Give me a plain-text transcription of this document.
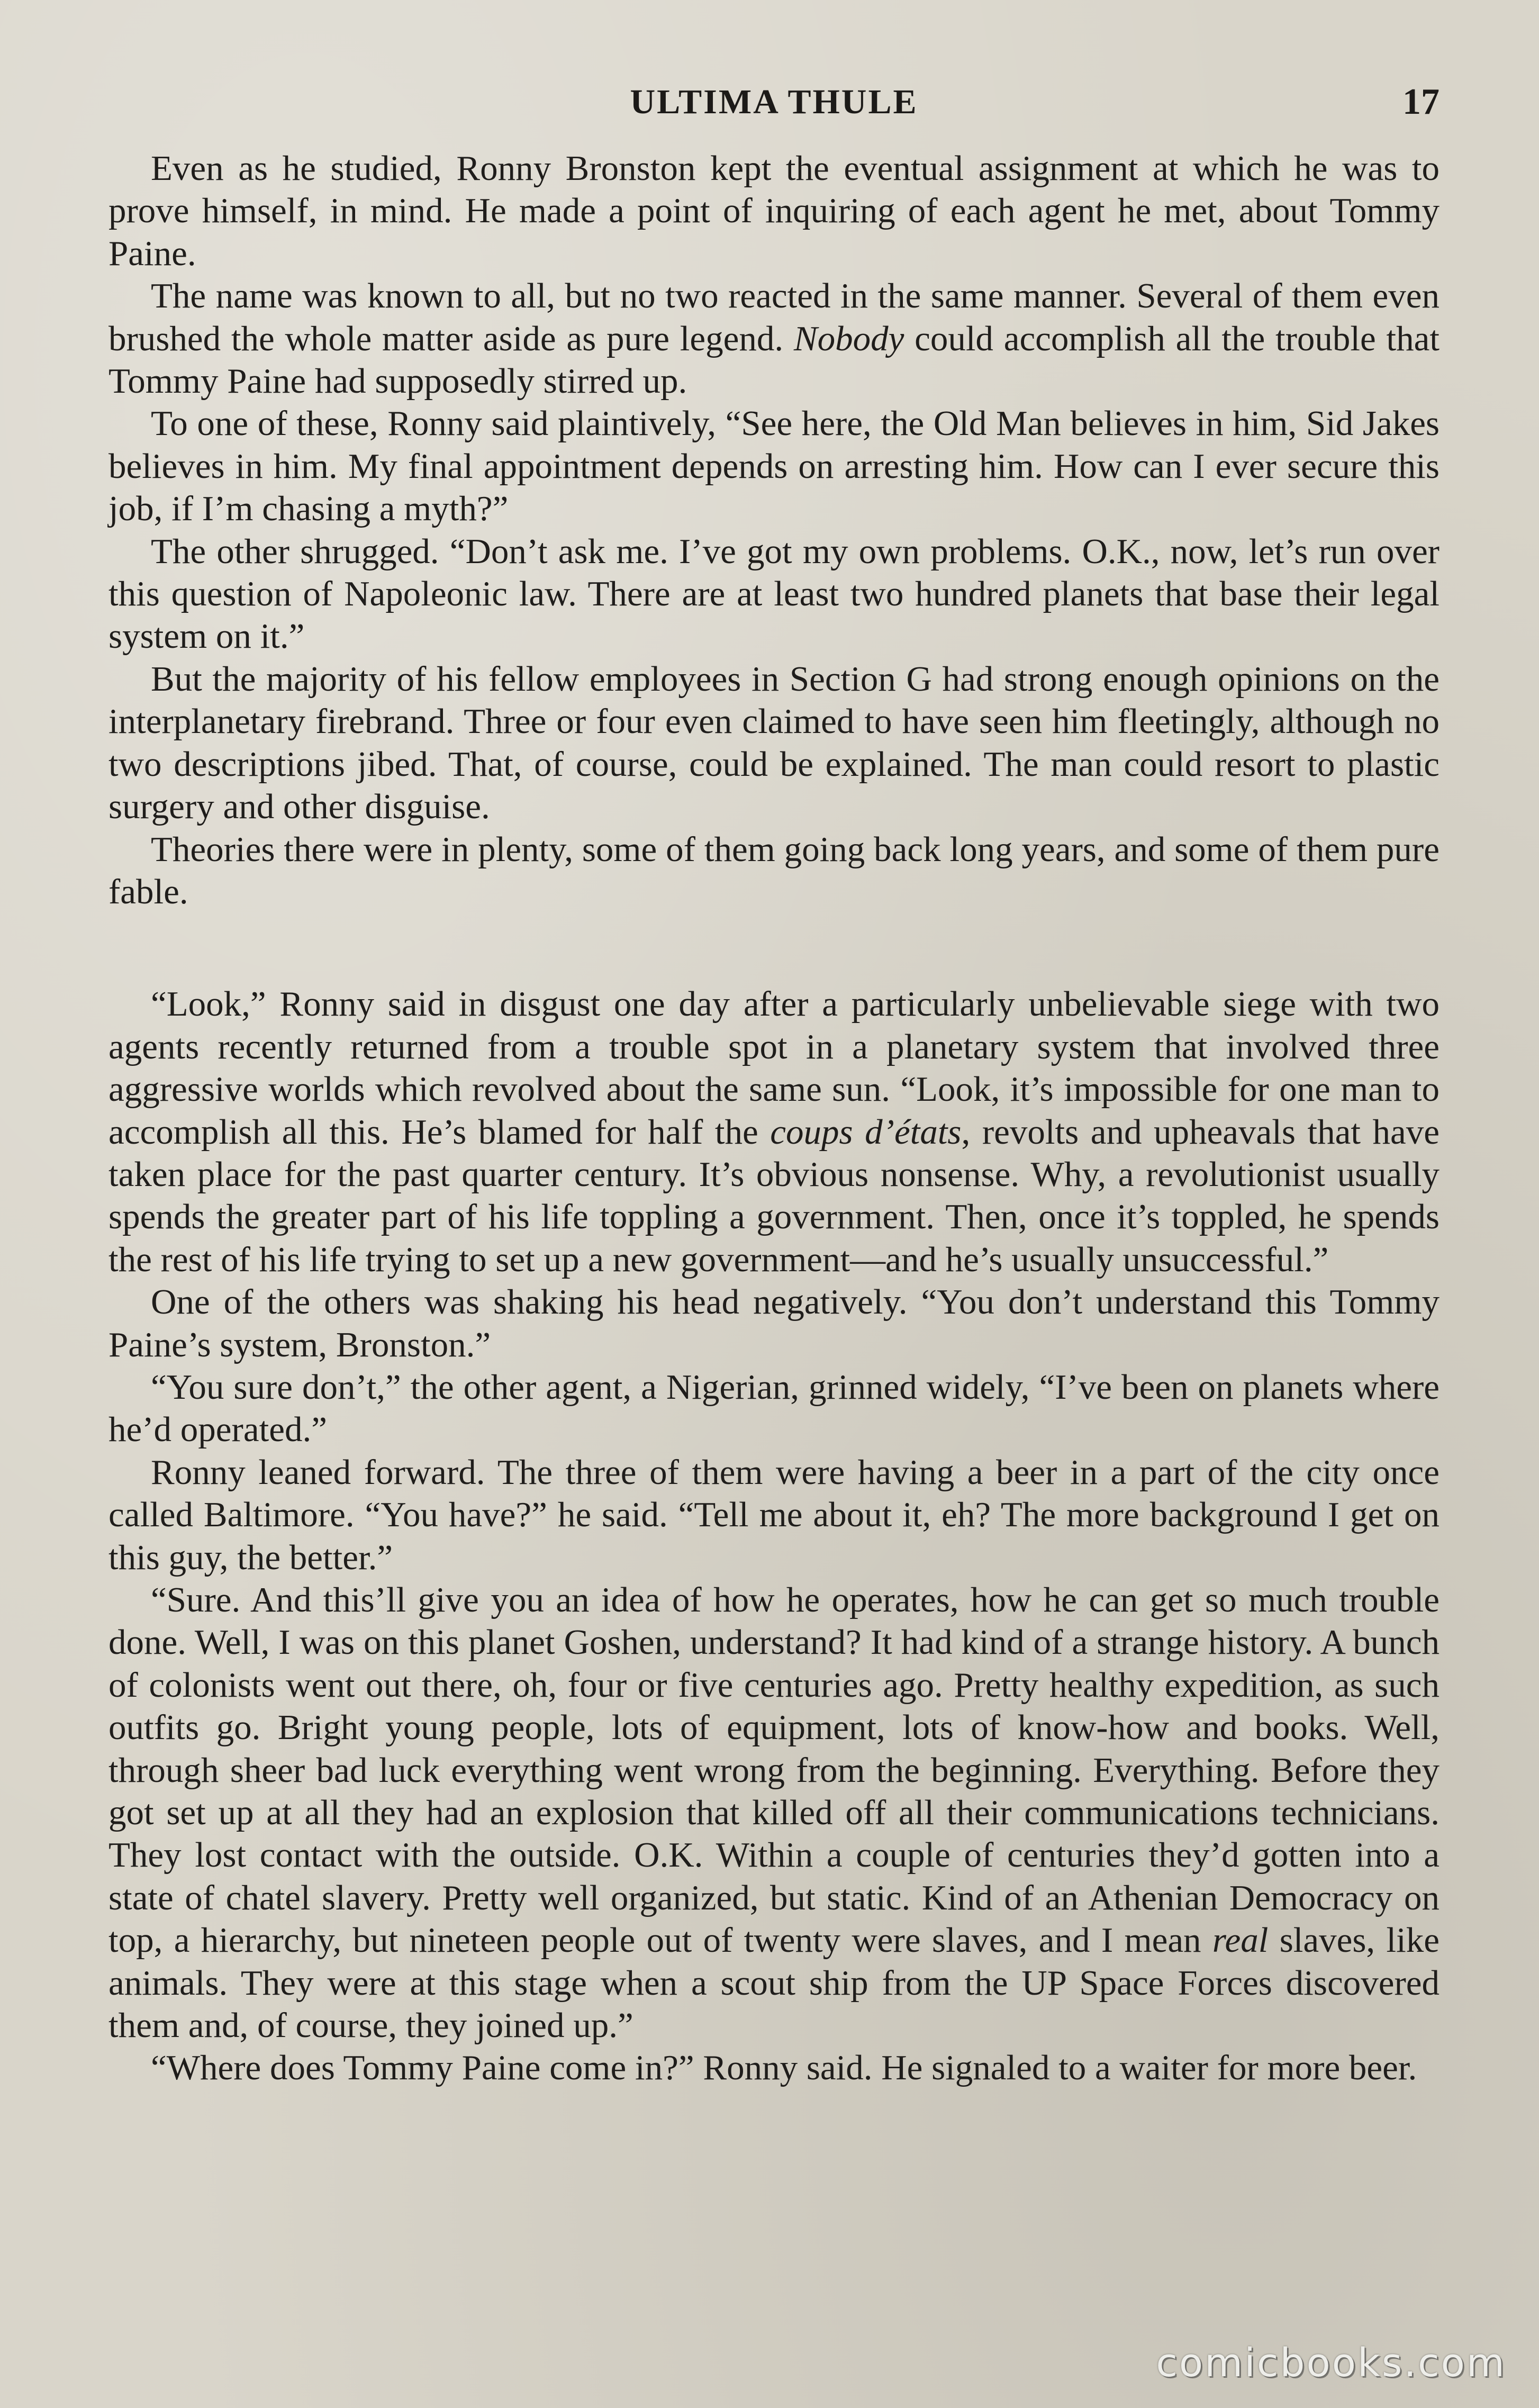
ULTIMA THULE	17

Even as he studied, Ronny Bronston kept the eventual assignment at which he was to prove himself, in mind. He made a point of inquiring of each agent he met, about Tommy Paine.

The name was known to all, but no two reacted in the same manner. Several of them even brushed the whole matter aside as pure legend. Nobody could accomplish all the trouble that Tommy Paine had supposedly stirred up.

To one of these, Ronny said plaintively, “See here, the Old Man believes in him, Sid Jakes believes in him. My final appointment depends on arresting him. How can I ever secure this job, if I’m chasing a myth?”

The other shrugged. “Don’t ask me. I’ve got my own problems. O.K., now, let’s run over this question of Napoleonic law. There are at least two hundred planets that base their legal system on it.”

But the majority of his fellow employees in Section G had strong enough opinions on the interplanetary firebrand. Three or four even claimed to have seen him fleetingly, although no two descriptions jibed. That, of course, could be explained. The man could resort to plastic surgery and other disguise.

Theories there were in plenty, some of them going back long years, and some of them pure fable.

“Look,” Ronny said in disgust one day after a particularly unbelievable siege with two agents recently returned from a trouble spot in a planetary system that involved three aggressive worlds which revolved about the same sun. “Look, it’s impossible for one man to accomplish all this. He’s blamed for half the coups d’états, revolts and upheavals that have taken place for the past quarter century. It’s obvious nonsense. Why, a revolutionist usually spends the greater part of his life toppling a government. Then, once it’s toppled, he spends the rest of his life trying to set up a new government—and he’s usually unsuccessful.”

One of the others was shaking his head negatively. “You don’t understand this Tommy Paine’s system, Bronston.”

“You sure don’t,” the other agent, a Nigerian, grinned widely, “I’ve been on planets where he’d operated.”

Ronny leaned forward. The three of them were having a beer in a part of the city once called Baltimore. “You have?” he said. “Tell me about it, eh? The more background I get on this guy, the better.”

“Sure. And this’ll give you an idea of how he operates, how he can get so much trouble done. Well, I was on this planet Goshen, understand? It had kind of a strange history. A bunch of colonists went out there, oh, four or five centuries ago. Pretty healthy expedition, as such outfits go. Bright young people, lots of equipment, lots of know-how and books. Well, through sheer bad luck everything went wrong from the beginning. Everything. Before they got set up at all they had an explosion that killed off all their communications technicians. They lost contact with the outside. O.K. Within a couple of centuries they’d gotten into a state of chatel slavery. Pretty well organized, but static. Kind of an Athenian Democracy on top, a hierarchy, but nineteen people out of twenty were slaves, and I mean real slaves, like animals. They were at this stage when a scout ship from the UP Space Forces discovered them and, of course, they joined up.”

“Where does Tommy Paine come in?” Ronny said. He signaled to a waiter for more beer.

comicbooks.com
